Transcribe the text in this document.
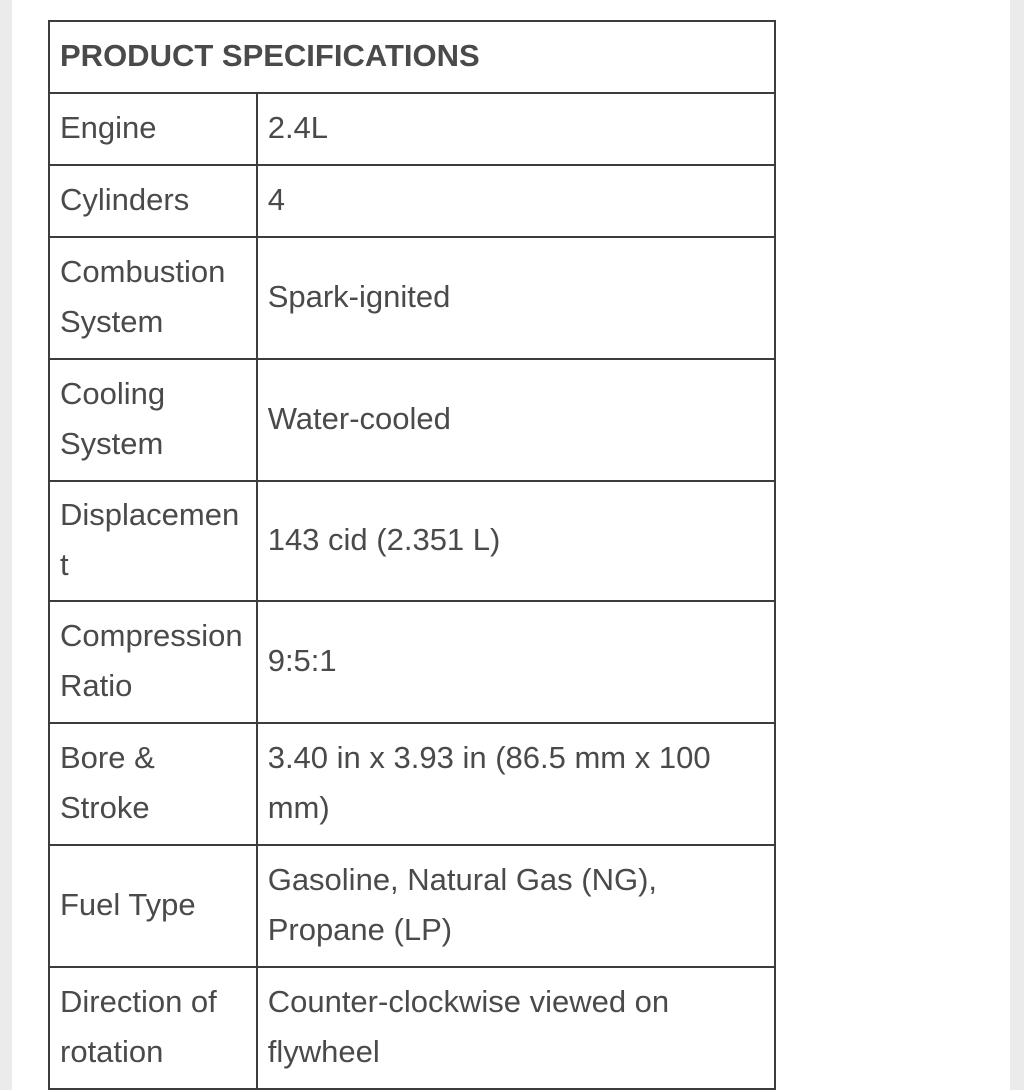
PRODUCT SPECIFICATIONS	
Engine	2.4L
Cylinders	4
Combustion System	Spark-ignited
Cooling System	Water-cooled
Displacement	143 cid (2.351 L)
Compression Ratio	9:5:1
Bore & Stroke	3.40 in x 3.93 in (86.5 mm x 100 mm)
Fuel Type	Gasoline, Natural Gas (NG), Propane (LP)
Direction of rotation	Counter-clockwise viewed on flywheel
